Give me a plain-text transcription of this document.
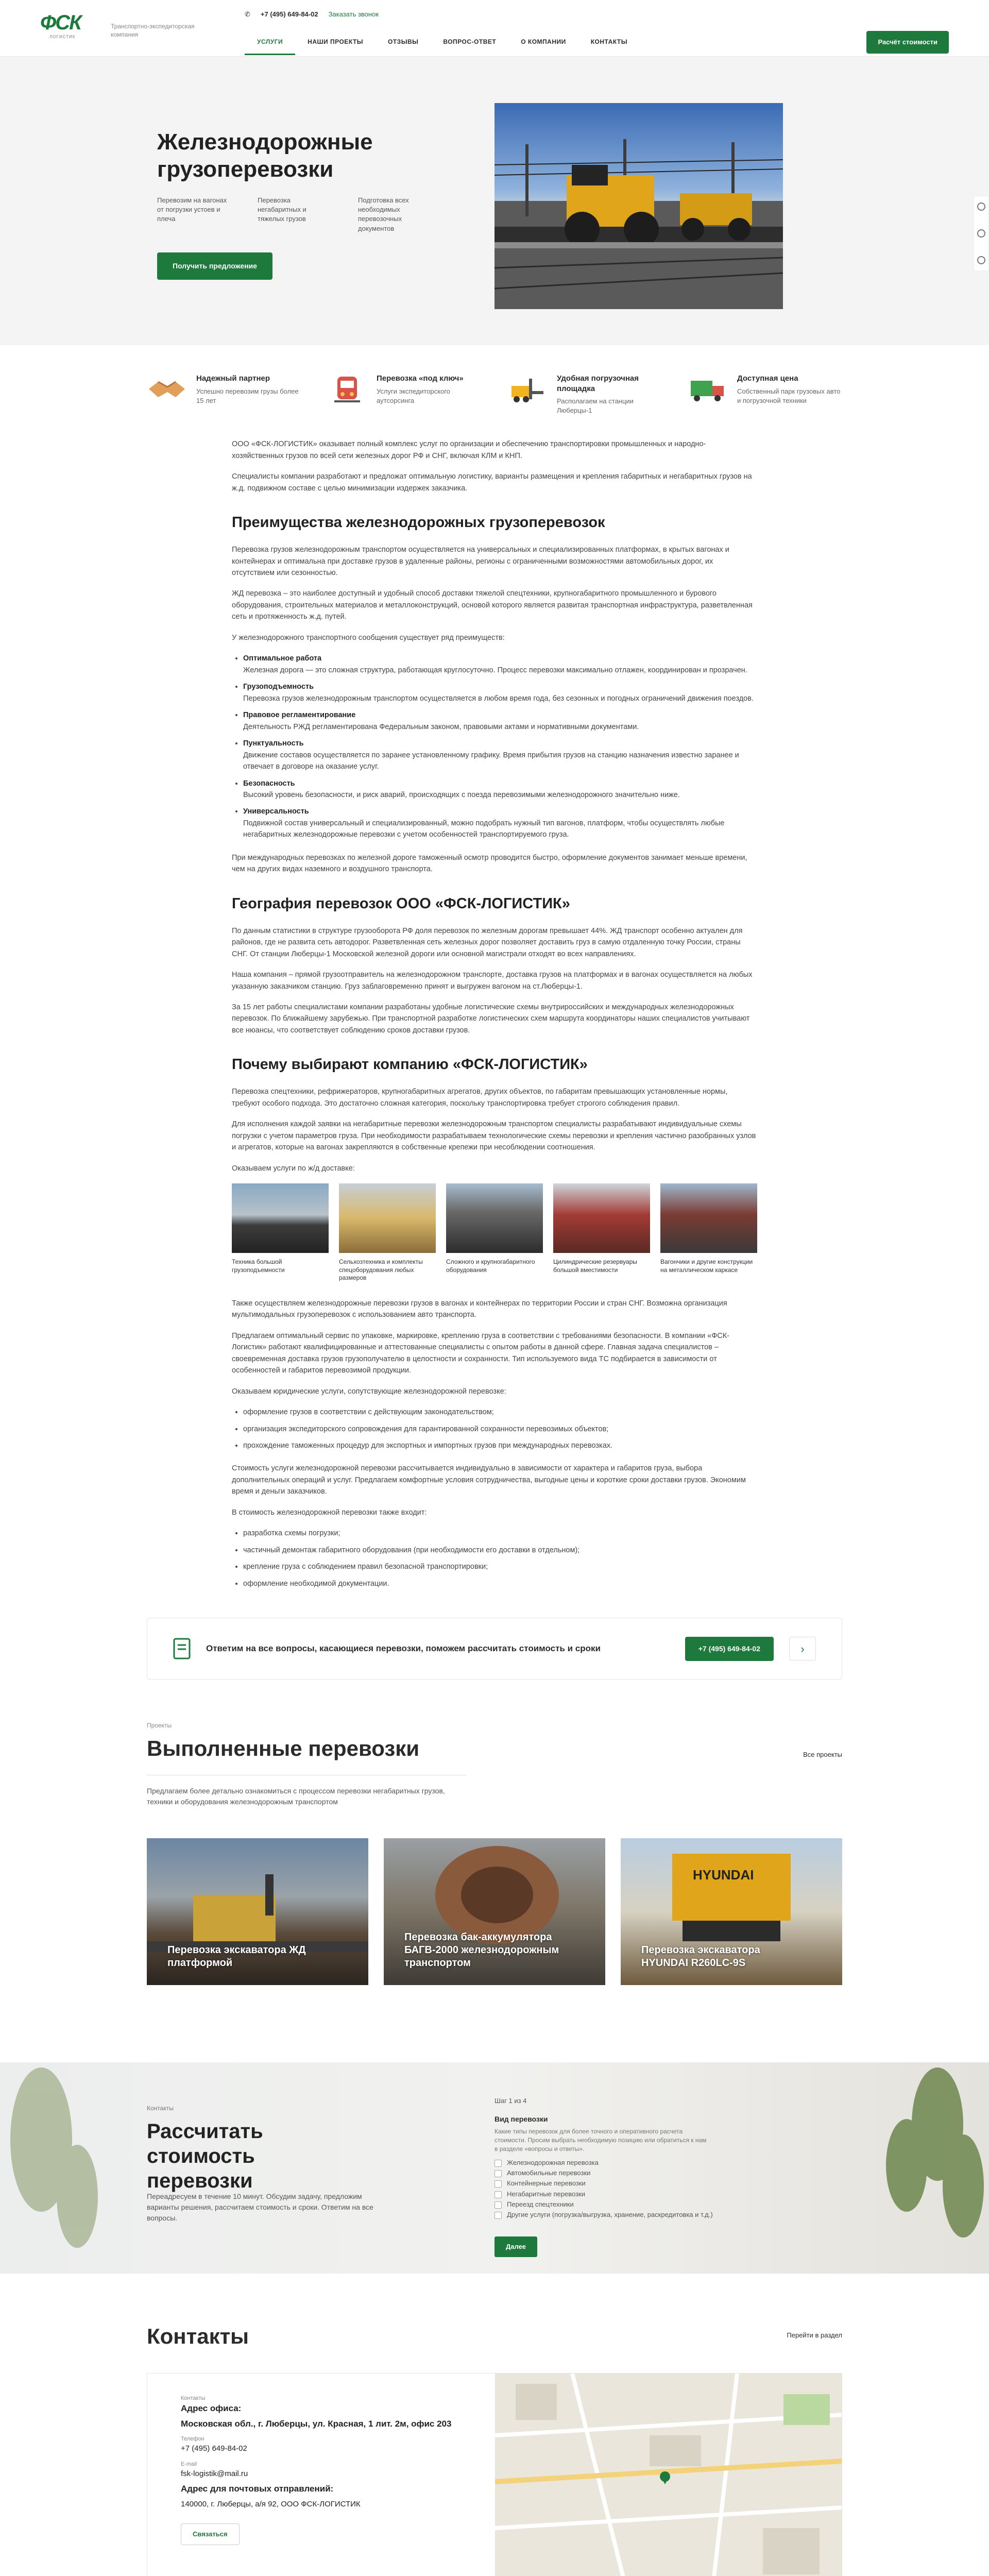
ФСК
ЛОГИСТИК
Транспортно-экспедиторская компания
✆ +7 (495) 649-84-02 Заказать звонок
УСЛУГИ	НАШИ ПРОЕКТЫ	ОТЗЫВЫ	ВОПРОС-ОТВЕТ	О КОМПАНИИ	КОНТАКТЫ	Расчёт стоимости
Железнодорожные грузоперевозки
Перевозим на вагонах от погрузки устоев и плеча
Перевозка негабаритных и тяжелых грузов
Подготовка всех необходимых перевозочных документов
Получить предложение
Надежный партнер

Успешно перевозим грузы более 15 лет

Перевозка «под ключ»

Услуги экспедиторского аутсорсинга

Удобная погрузочная площадка

Располагаем на станции Люберцы-1

Доступная цена

Собственный парк грузовых авто и погрузочной техники

ООО «ФСК-ЛОГИСТИК» оказывает полный комплекс услуг по организации и обеспечению транспортировки промышленных и народно-хозяйственных грузов по всей сети железных дорог РФ и СНГ, включая КЛМ и КНП.

Специалисты компании разработают и предложат оптимальную логистику, варианты размещения и крепления габаритных и негабаритных грузов на ж.д. подвижном составе с целью минимизации издержек заказчика.

Преимущества железнодорожных грузоперевозок

Перевозка грузов железнодорожным транспортом осуществляется на универсальных и специализированных платформах, в крытых вагонах и контейнерах и оптимальна при доставке грузов в удаленные районы, регионы с ограниченными возможностями автомобильных дорог, их отсутствием или сезонностью.

ЖД перевозка – это наиболее доступный и удобный способ доставки тяжелой спецтехники, крупногабаритного промышленного и бурового оборудования, строительных материалов и металлоконструкций, основой которого является развитая транспортная инфраструктура, разветвленная сеть и протяженность ж.д. путей.

У железнодорожного транспортного сообщения существует ряд преимуществ:

• Оптимальное работа
Железная дорога — это сложная структура, работающая круглосуточно. Процесс перевозки максимально отлажен, координирован и прозрачен.
• Грузоподъемность
Перевозка грузов железнодорожным транспортом осуществляется в любом время года, без сезонных и погодных ограничений движения поездов.
• Правовое регламентирование
Деятельность РЖД регламентирована Федеральным законом, правовыми актами и нормативными документами.
• Пунктуальность
Движение составов осуществляется по заранее установленному графику. Время прибытия грузов на станцию назначения известно заранее и отвечает в договоре на оказание услуг.
• Безопасность
Высокий уровень безопасности, и риск аварий, происходящих с поезда перевозимыми железнодорожного значительно ниже.
• Универсальность
Подвижной состав универсальный и специализированный, можно подобрать нужный тип вагонов, платформ, чтобы осуществлять любые негабаритных железнодорожные перевозки с учетом особенностей транспортируемого груза.

При международных перевозках по железной дороге таможенный осмотр проводится быстро, оформление документов занимает меньше времени, чем на других видах наземного и воздушного транспорта.

География перевозок ООО «ФСК-ЛОГИСТИК»

По данным статистики в структуре грузооборота РФ доля перевозок по железным дорогам превышает 44%. ЖД транспорт особенно актуален для районов, где не развита сеть автодорог. Разветвленная сеть железных дорог позволяет доставить груз в самую отдаленную точку России, страны СНГ. От станции Люберцы-1 Московской железной дороги или основной магистрали отходят во всех направлениях.

Наша компания – прямой грузоотправитель на железнодорожном транспорте, доставка грузов на платформах и в вагонах осуществляется на любых указанную заказчиком станцию. Груз заблаговременно принят и выгружен вагоном на ст.Люберцы-1.

За 15 лет работы специалистами компании разработаны удобные логистические схемы внутрироссийских и международных железнодорожных перевозок. По ближайшему зарубежью. При транспортной разработке логистических схем маршрута координаторы наших специалистов учитывают все нюансы, что соответствует соблюдению сроков доставки грузов.

Почему выбирают компанию «ФСК-ЛОГИСТИК»

Перевозка спецтехники, рефрижераторов, крупногабаритных агрегатов, других объектов, по габаритам превышающих установленные нормы, требуют особого подхода. Это достаточно сложная категория, поскольку транспортировка требует строгого соблюдения правил.

Для исполнения каждой заявки на негабаритные перевозки железнодорожным транспортом специалисты разрабатывают индивидуальные схемы погрузки с учетом параметров груза. При необходимости разрабатываем технологические схемы перевозки и крепления частично разобранных узлов и агрегатов, которые на вагонах закрепляются в собственные крепежи при несоблюдении соотношения.

Оказываем услуги по ж/д доставке:

Техника большой грузоподъемности
Сельхозтехника и комплекты спецоборудования любых размеров
Сложного и крупногабаритного оборудования
Цилиндрические резервуары большой вместимости
Вагончики и другие конструкции на металлическом каркасе

Также осуществляем железнодорожные перевозки грузов в вагонах и контейнерах по территории России и стран СНГ. Возможна организация мультимодальных грузоперевозок с использованием авто транспорта.

Предлагаем оптимальный сервис по упаковке, маркировке, креплению груза в соответствии с требованиями безопасности. В компании «ФСК-Логистик» работают квалифицированные и аттестованные специалисты с опытом работы в данной сфере. Главная задача специалистов – своевременная доставка грузов грузополучателю в целостности и сохранности. Тип используемого вида ТС подбирается в зависимости от особенностей и габаритов перевозимой продукции.

Оказываем юридические услуги, сопутствующие железнодорожной перевозке:

• оформление грузов в соответствии с действующим законодательством;
• организация экспедиторского сопровождения для гарантированной сохранности перевозимых объектов;
• прохождение таможенных процедур для экспортных и импортных грузов при международных перевозках.

Стоимость услуги железнодорожной перевозки рассчитывается индивидуально в зависимости от характера и габаритов груза, выбора дополнительных операций и услуг. Предлагаем комфортные условия сотрудничества, выгодные цены и короткие сроки доставки грузов. Экономим время и деньги заказчиков.

В стоимость железнодорожной перевозки также входит:

• разработка схемы погрузки;
• частичный демонтаж габаритного оборудования (при необходимости его доставки в отдельном);
• крепление груза с соблюдением правил безопасной транспортировки;
• оформление необходимой документации.
Ответим на все вопросы, касающиеся перевозки, поможем рассчитать стоимость и сроки	+7 (495) 649-84-02	›
Проекты
Выполненные перевозки	Все проекты
Предлагаем более детально ознакомиться с процессом перевозки негабаритных грузов, техники и оборудования железнодорожным транспортом
Перевозка экскаватора ЖД платформой
Перевозка бак-аккумулятора БАГВ-2000 железнодорожным транспортом
HYUNDAI
Перевозка экскаватора HYUNDAI R260LC-9S
Контакты
Рассчитать стоимость перевозки
Переадресуем в течение 10 минут. Обсудим задачу, предложим варианты решения, рассчитаем стоимость и сроки. Ответим на все вопросы.
Шаг 1 из 4
Вид перевозки
Какие типы перевозок для более точного и оперативного расчета стоимости. Просим выбрать необходимую позицию или обратиться к нам в разделе «вопросы и ответы».
Железнодорожная перевозка
Автомобильные перевозки
Контейнерные перевозки
Негабаритные перевозки
Переезд спецтехники
Другие услуги (погрузка/выгрузка, хранение, раскредитовка и т.д.)
Далее
Контакты	Перейти в раздел
Контакты
Адрес офиса:
Московская обл., г. Люберцы, ул. Красная, 1 лит. 2м, офис 203
Телефон
+7 (495) 649-84-02
E-mail
fsk-logistik@mail.ru
Адрес для почтовых отправлений:
140000, г. Люберцы, а/я 92, ООО ФСК-ЛОГИСТИК
Связаться
